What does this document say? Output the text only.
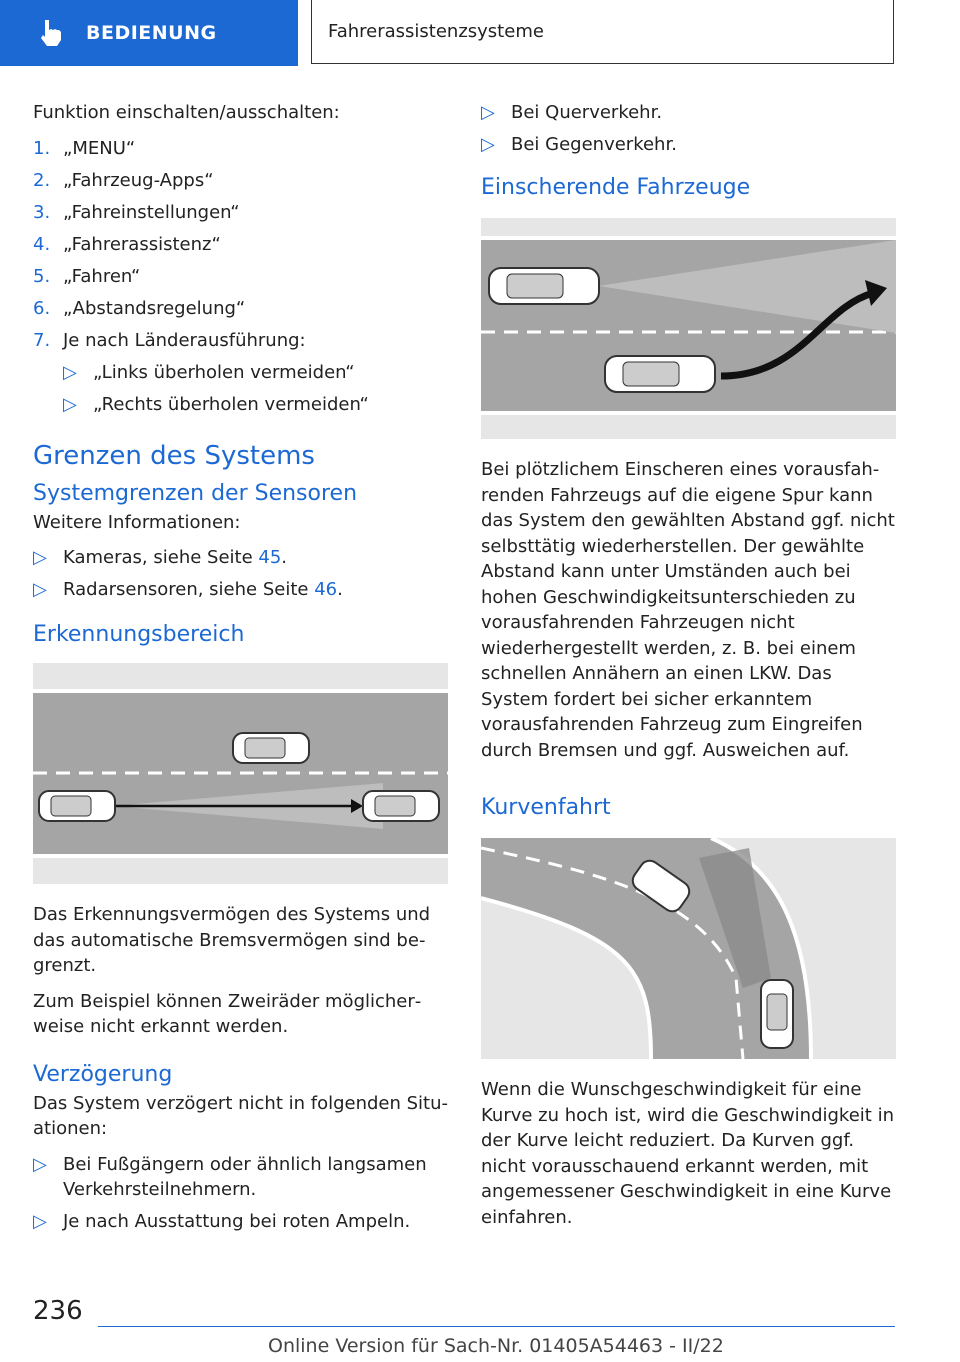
BEDIENUNG	Fahrerassistenzsysteme

Funktion einschalten/ausschalten:

1. „MENU“
2. „Fahrzeug-Apps“
3. „Fahreinstellungen“
4. „Fahrerassistenz“
5. „Fahren“
6. „Abstandsregelung“
7. Je nach Länderausführung:
▷ „Links überholen vermeiden“
▷ „Rechts überholen vermeiden“
Grenzen des Systems
Systemgrenzen der Sensoren

Weitere Informationen:

▷ Kameras, siehe Seite 45.
▷ Radarsensoren, siehe Seite 46.
Erkennungsbereich

Das Erkennungsvermögen des Systems und das automatische Bremsvermögen sind begrenzt.

Zum Beispiel können Zweiräder möglicherweise nicht erkannt werden.

Verzögerung

Das System verzögert nicht in folgenden Situationen:

▷ Bei Fußgängern oder ähnlich langsamen Verkehrsteilnehmern.
▷ Je nach Ausstattung bei roten Ampeln.
▷ Bei Querverkehr.
▷ Bei Gegenverkehr.
Einscherende Fahrzeuge

Bei plötzlichem Einscheren eines vorausfahrenden Fahrzeugs auf die eigene Spur kann das System den gewählten Abstand ggf. nicht selbsttätig wiederherstellen. Der gewählte Abstand kann unter Umständen auch bei hohen Geschwindigkeitsunterschieden zu vorausfahrenden Fahrzeugen nicht wiederhergestellt werden, z. B. bei einem schnellen Annähern an einen LKW. Das System fordert bei sicher erkanntem vorausfahrenden Fahrzeug zum Eingreifen durch Bremsen und ggf. Ausweichen auf.

Kurvenfahrt

Wenn die Wunschgeschwindigkeit für eine Kurve zu hoch ist, wird die Geschwindigkeit in der Kurve leicht reduziert. Da Kurven ggf. nicht vorausschauend erkannt werden, mit angemessener Geschwindigkeit in eine Kurve einfahren.

236
Online Version für Sach-Nr. 01405A54463 - II/22
